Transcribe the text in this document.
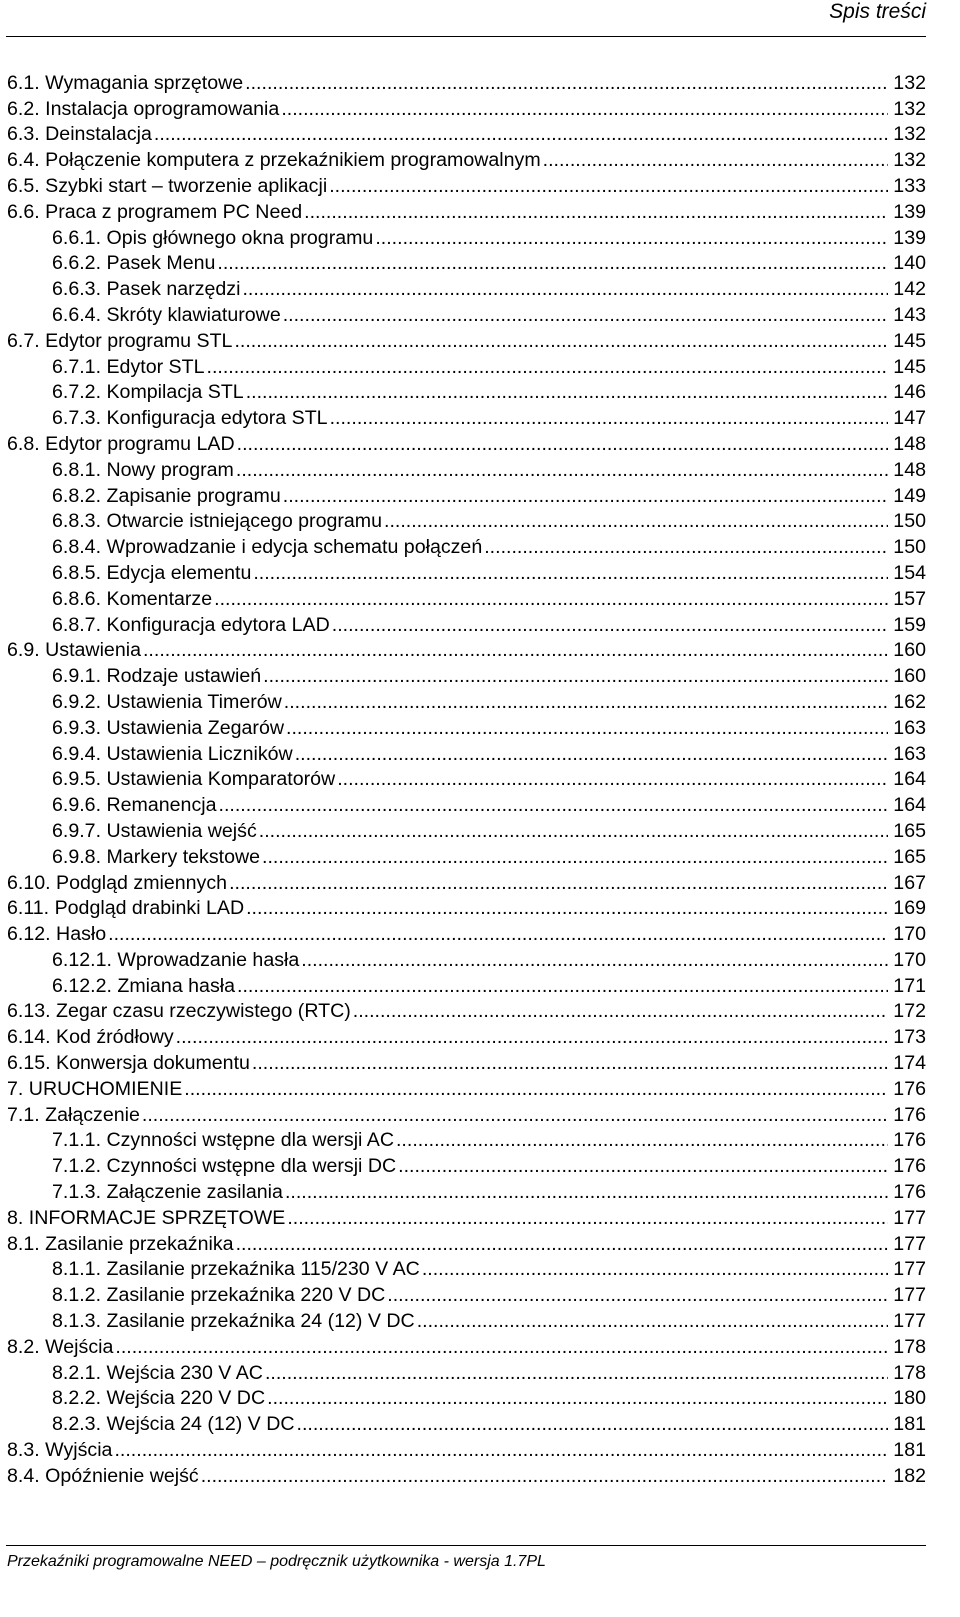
Spis treści
6.1. Wymagania sprzętowe .....	132
6.2. Instalacja oprogramowania .....	132
6.3. Deinstalacja .....	132
6.4. Połączenie komputera z przekaźnikiem programowalnym .....	132
6.5. Szybki start – tworzenie aplikacji .....	133
6.6. Praca z programem PC Need .....	139
6.6.1. Opis głównego okna programu .....	139
6.6.2. Pasek Menu .....	140
6.6.3. Pasek narzędzi .....	142
6.6.4. Skróty klawiaturowe .....	143
6.7. Edytor programu STL .....	145
6.7.1. Edytor STL .....	145
6.7.2. Kompilacja STL .....	146
6.7.3. Konfiguracja edytora STL .....	147
6.8. Edytor programu LAD .....	148
6.8.1. Nowy program .....	148
6.8.2. Zapisanie programu .....	149
6.8.3. Otwarcie istniejącego programu .....	150
6.8.4. Wprowadzanie i edycja schematu połączeń .....	150
6.8.5. Edycja elementu .....	154
6.8.6. Komentarze .....	157
6.8.7. Konfiguracja edytora LAD .....	159
6.9. Ustawienia .....	160
6.9.1. Rodzaje ustawień .....	160
6.9.2. Ustawienia Timerów .....	162
6.9.3. Ustawienia Zegarów .....	163
6.9.4. Ustawienia Liczników .....	163
6.9.5. Ustawienia Komparatorów .....	164
6.9.6. Remanencja .....	164
6.9.7. Ustawienia wejść .....	165
6.9.8. Markery tekstowe .....	165
6.10. Podgląd zmiennych .....	167
6.11. Podgląd drabinki LAD .....	169
6.12. Hasło .....	170
6.12.1. Wprowadzanie hasła .....	170
6.12.2. Zmiana hasła .....	171
6.13. Zegar czasu rzeczywistego (RTC) .....	172
6.14. Kod źródłowy .....	173
6.15. Konwersja dokumentu .....	174
7. URUCHOMIENIE .....	176
7.1. Załączenie .....	176
7.1.1. Czynności wstępne dla wersji AC .....	176
7.1.2. Czynności wstępne dla wersji DC .....	176
7.1.3. Załączenie zasilania .....	176
8. INFORMACJE SPRZĘTOWE .....	177
8.1. Zasilanie przekaźnika .....	177
8.1.1. Zasilanie przekaźnika 115/230 V AC .....	177
8.1.2. Zasilanie przekaźnika 220 V DC .....	177
8.1.3. Zasilanie przekaźnika 24 (12) V DC .....	177
8.2. Wejścia .....	178
8.2.1. Wejścia 230 V AC .....	178
8.2.2. Wejścia 220 V DC .....	180
8.2.3. Wejścia 24 (12) V DC .....	181
8.3. Wyjścia .....	181
8.4. Opóźnienie wejść .....	182
Przekaźniki programowalne NEED – podręcznik użytkownika - wersja 1.7PL
